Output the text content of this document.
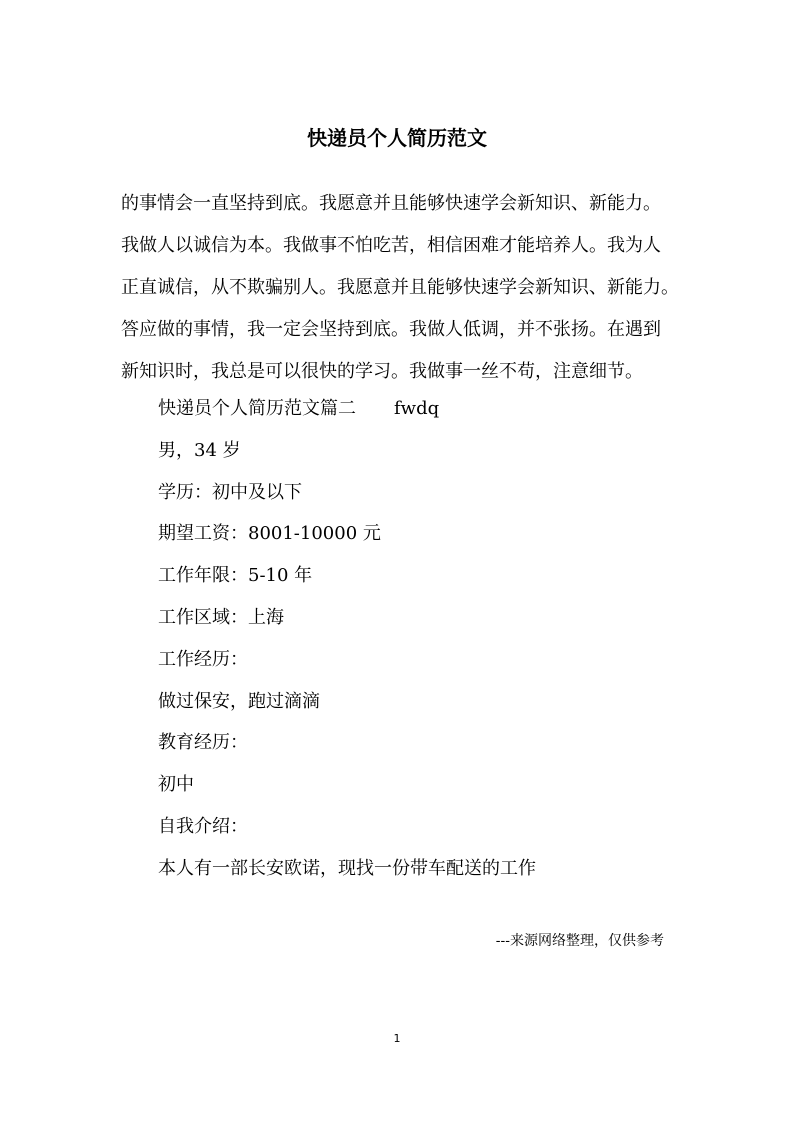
快递员个人简历范文
的事情会一直坚持到底。我愿意并且能够快速学会新知识、新能力。
我做人以诚信为本。我做事不怕吃苦，相信困难才能培养人。我为人
正直诚信，从不欺骗别人。我愿意并且能够快速学会新知识、新能力。
答应做的事情，我一定会坚持到底。我做人低调，并不张扬。在遇到
新知识时，我总是可以很快的学习。我做事一丝不苟，注意细节。
快递员个人简历范文篇二 fwdq
男，34 岁
学历：初中及以下
期望工资：8001-10000 元
工作年限：5-10 年
工作区域：上海
工作经历：
做过保安，跑过滴滴
教育经历：
初中
自我介绍：
本人有一部长安欧诺，现找一份带车配送的工作
---来源网络整理，仅供参考
1
